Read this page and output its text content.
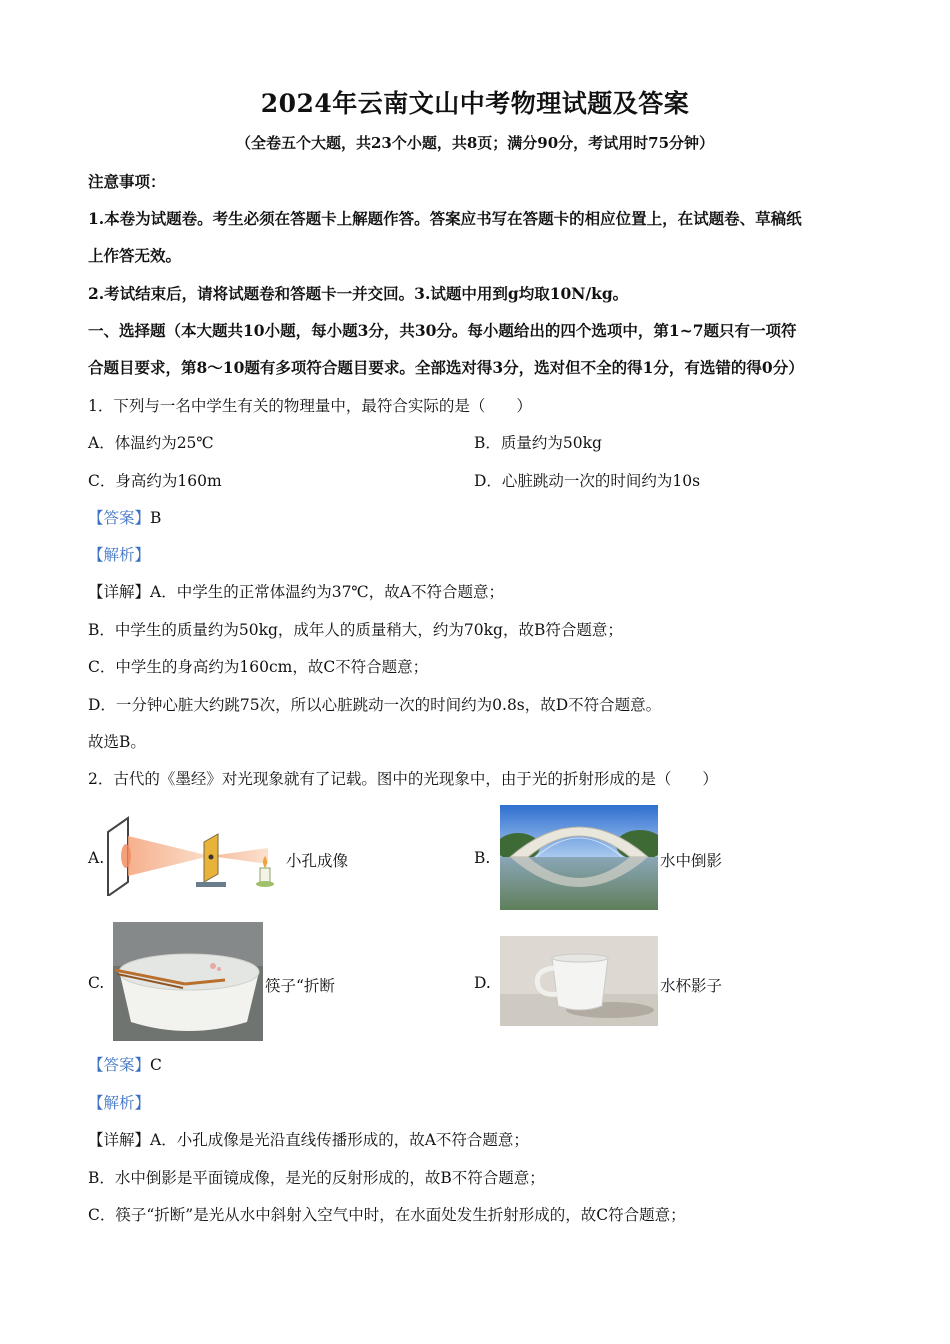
2024年云南文山中考物理试题及答案
（全卷五个大题，共23个小题，共8页；满分90分，考试用时75分钟）
注意事项：
1.本卷为试题卷。考生必须在答题卡上解题作答。答案应书写在答题卡的相应位置上，在试题卷、草稿纸
上作答无效。
2.考试结束后，请将试题卷和答题卡一并交回。3.试题中用到g均取10N/kg。
一、选择题（本大题共10小题，每小题3分，共30分。每小题给出的四个选项中，第1~7题只有一项符
合题目要求，第8～10题有多项符合题目要求。全部选对得3分，选对但不全的得1分，有选错的得0分）
1．下列与一名中学生有关的物理量中，最符合实际的是（　　）
A．体温约为25℃	B．质量约为50kg
C．身高约为160m	D．心脏跳动一次的时间约为10s
【答案】B
【解析】
【详解】A．中学生的正常体温约为37℃，故A不符合题意；
B．中学生的质量约为50kg，成年人的质量稍大，约为70kg，故B符合题意；
C．中学生的身高约为160cm，故C不符合题意；
D．一分钟心脏大约跳75次，所以心脏跳动一次的时间约为0.8s，故D不符合题意。
故选B。
2．古代的《墨经》对光现象就有了记载。图中的光现象中，由于光的折射形成的是（　　）
A.	小孔成像	B.	水中倒影
C.	筷子“折断	D.	水杯影子
【答案】C
【解析】
【详解】A．小孔成像是光沿直线传播形成的，故A不符合题意；
B．水中倒影是平面镜成像，是光的反射形成的，故B不符合题意；
C．筷子“折断”是光从水中斜射入空气中时，在水面处发生折射形成的，故C符合题意；
